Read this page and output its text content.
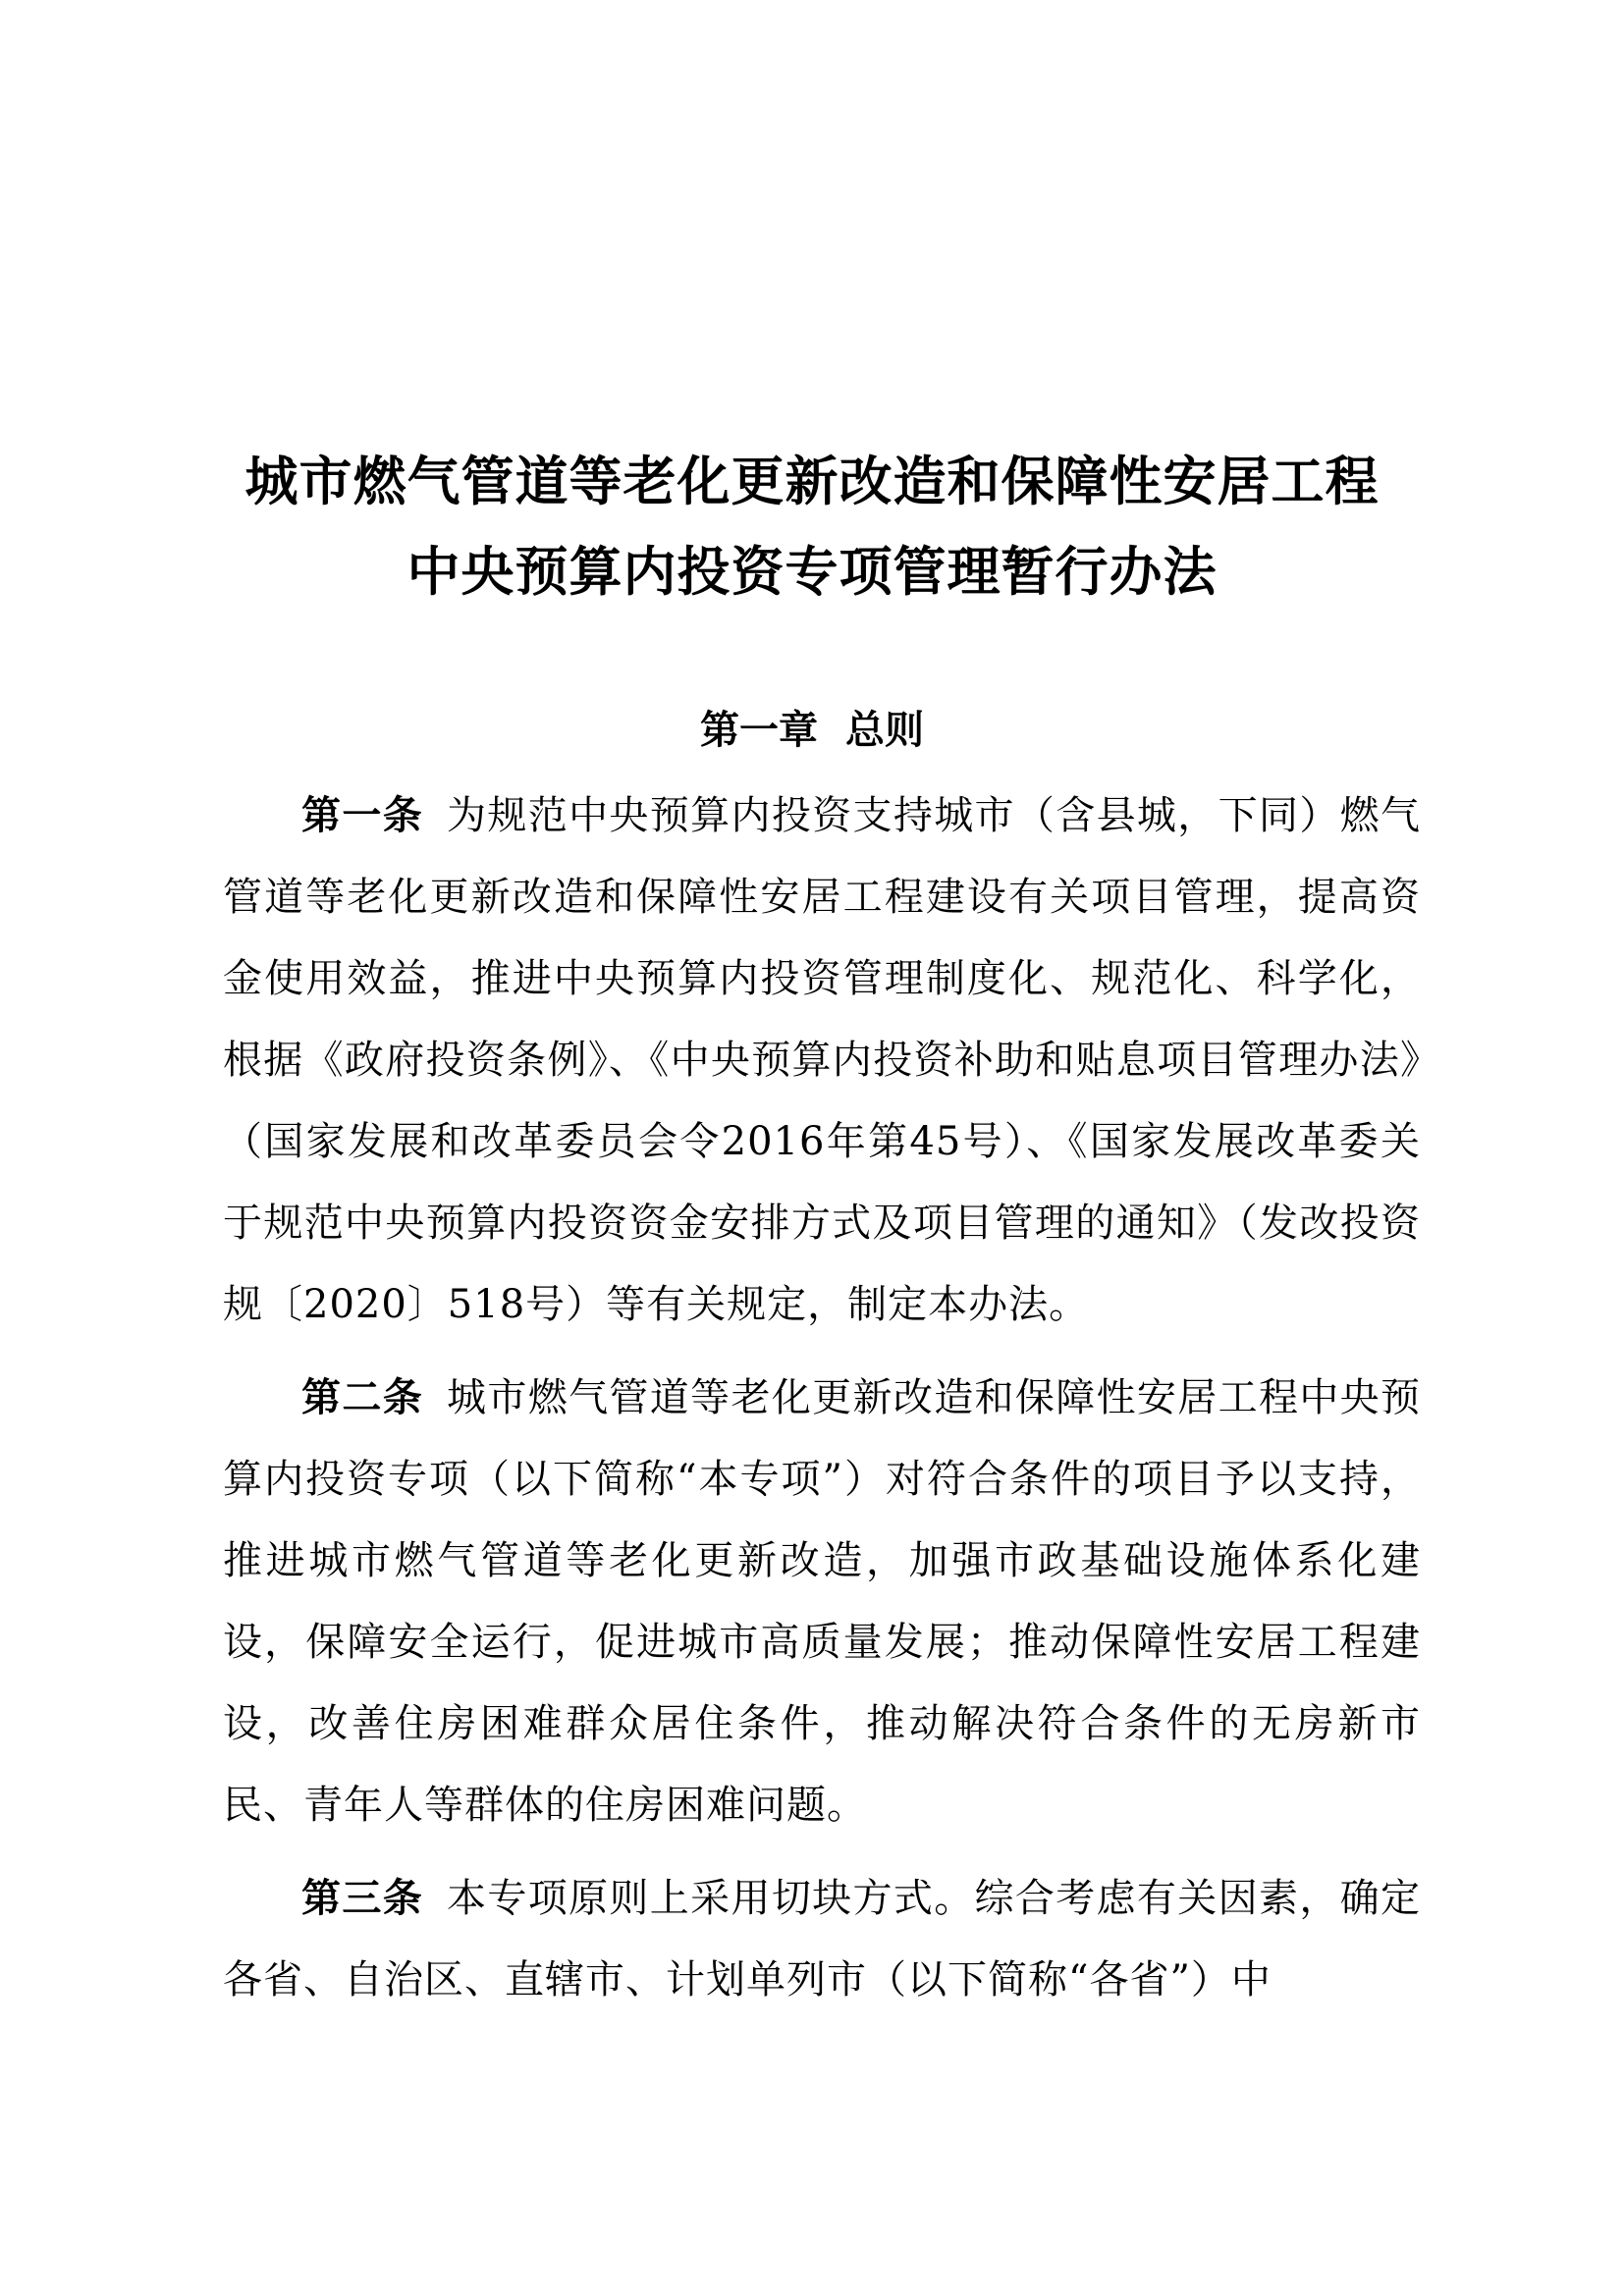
城市燃气管道等老化更新改造和保障性安居工程
中央预算内投资专项管理暂行办法
第一章 总则

第一条 为规范中央预算内投资支持城市（含县城，下同）燃气管道等老化更新改造和保障性安居工程建设有关项目管理，提高资金使用效益，推进中央预算内投资管理制度化、规范化、科学化，根据《政府投资条例》、《中央预算内投资补助和贴息项目管理办法》（国家发展和改革委员会令2016年第45号）、《国家发展改革委关于规范中央预算内投资资金安排方式及项目管理的通知》（发改投资规〔2020〕518号）等有关规定，制定本办法。

第二条 城市燃气管道等老化更新改造和保障性安居工程中央预算内投资专项（以下简称“本专项”）对符合条件的项目予以支持，推进城市燃气管道等老化更新改造，加强市政基础设施体系化建设，保障安全运行，促进城市高质量发展；推动保障性安居工程建设，改善住房困难群众居住条件，推动解决符合条件的无房新市民、青年人等群体的住房困难问题。

第三条 本专项原则上采用切块方式。综合考虑有关因素，确定各省、自治区、直辖市、计划单列市（以下简称“各省”）中
